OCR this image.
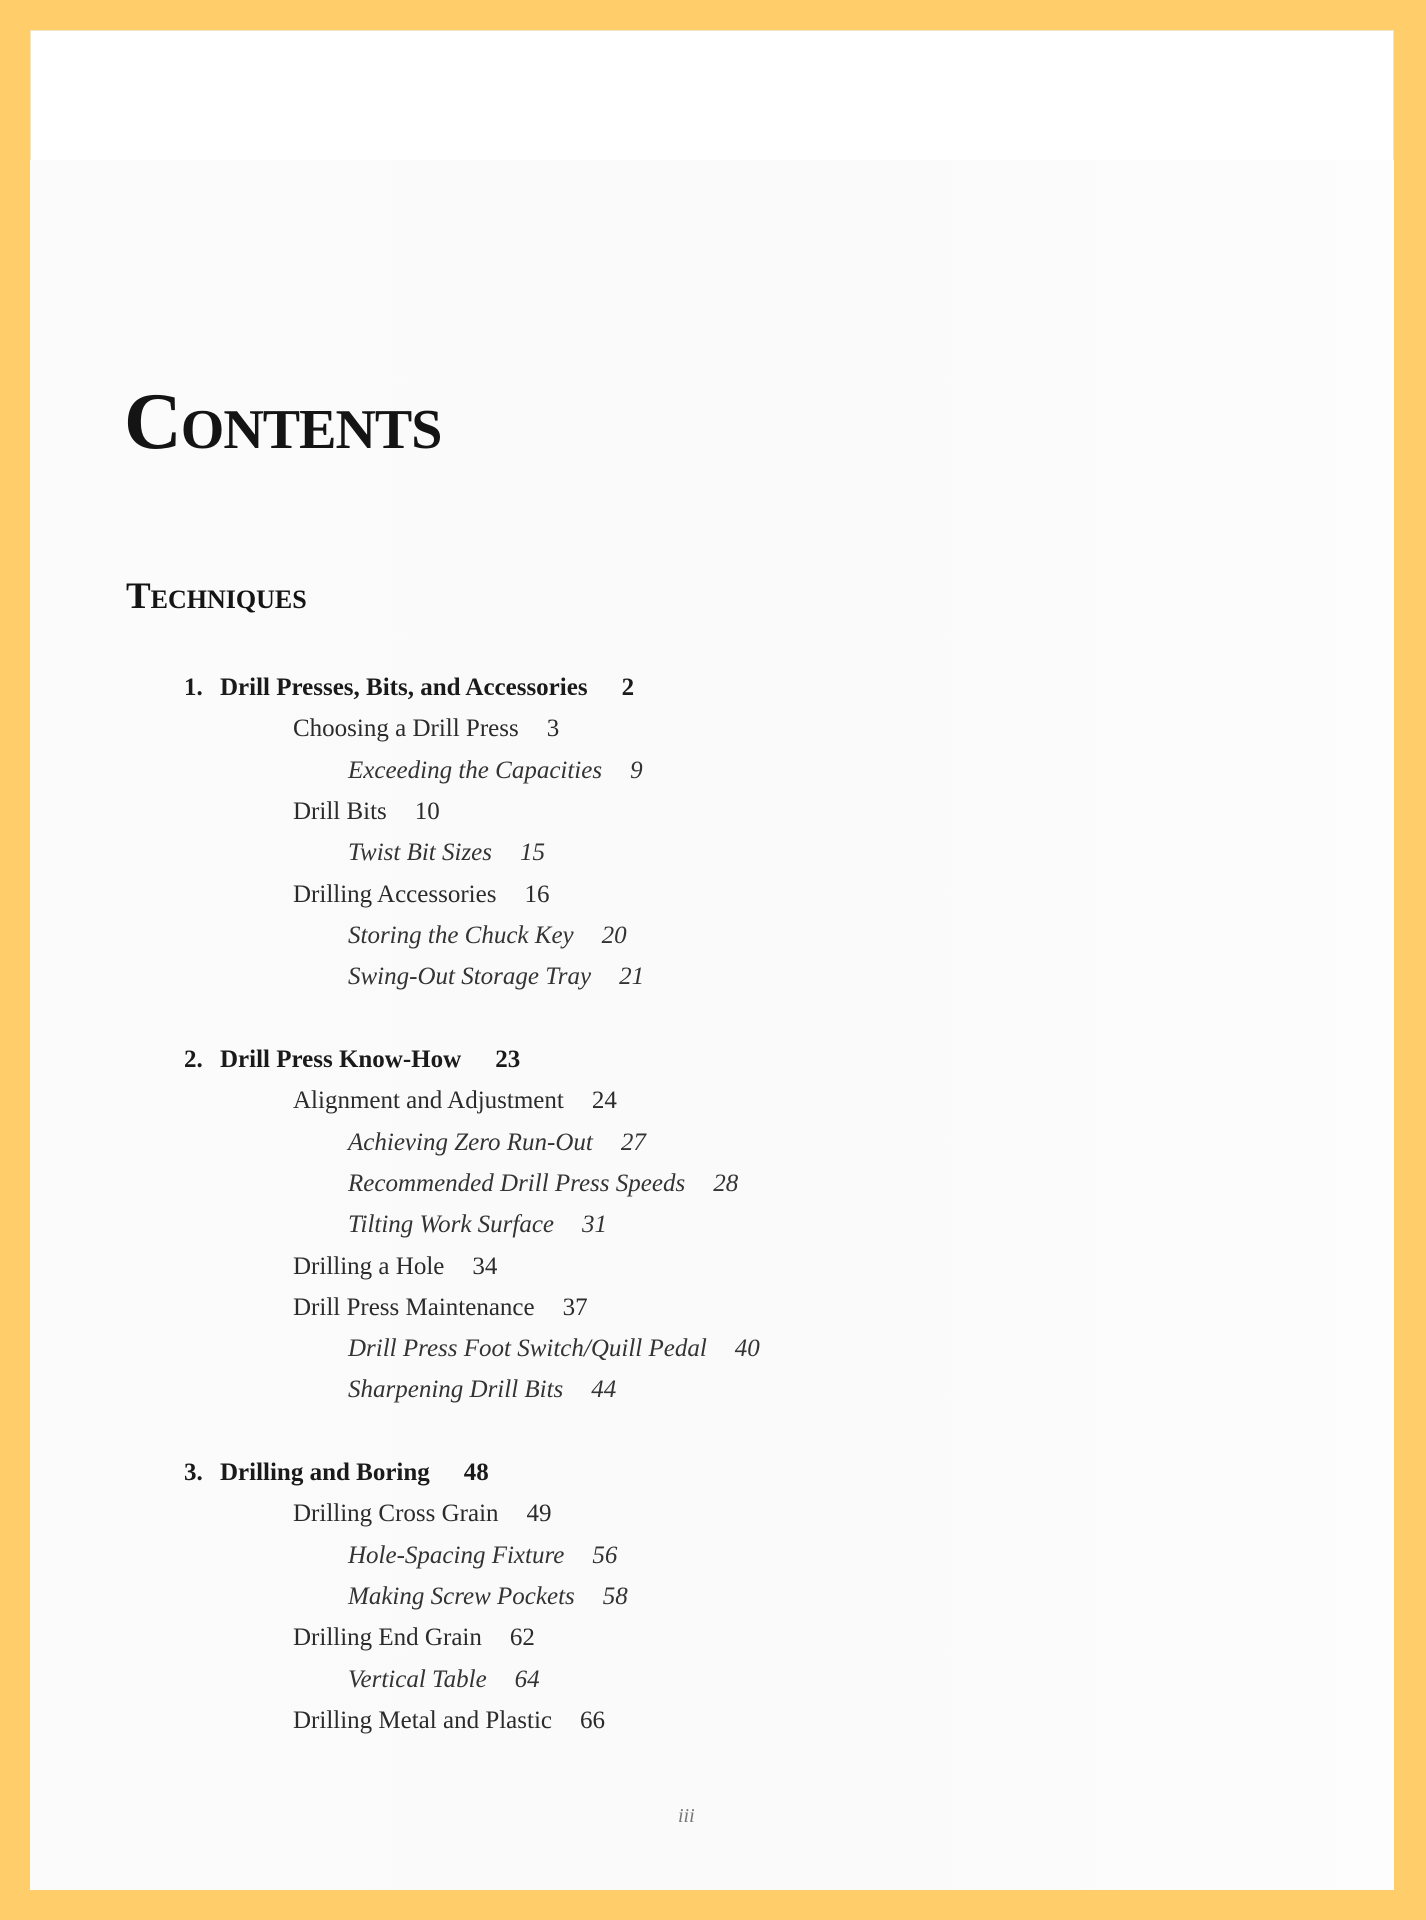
Contents
Techniques
1. Drill Presses, Bits, and Accessories 2
Choosing a Drill Press 3
Exceeding the Capacities 9
Drill Bits 10
Twist Bit Sizes 15
Drilling Accessories 16
Storing the Chuck Key 20
Swing-Out Storage Tray 21
2. Drill Press Know-How 23
Alignment and Adjustment 24
Achieving Zero Run-Out 27
Recommended Drill Press Speeds 28
Tilting Work Surface 31
Drilling a Hole 34
Drill Press Maintenance 37
Drill Press Foot Switch/Quill Pedal 40
Sharpening Drill Bits 44
3. Drilling and Boring 48
Drilling Cross Grain 49
Hole-Spacing Fixture 56
Making Screw Pockets 58
Drilling End Grain 62
Vertical Table 64
Drilling Metal and Plastic 66
iii
